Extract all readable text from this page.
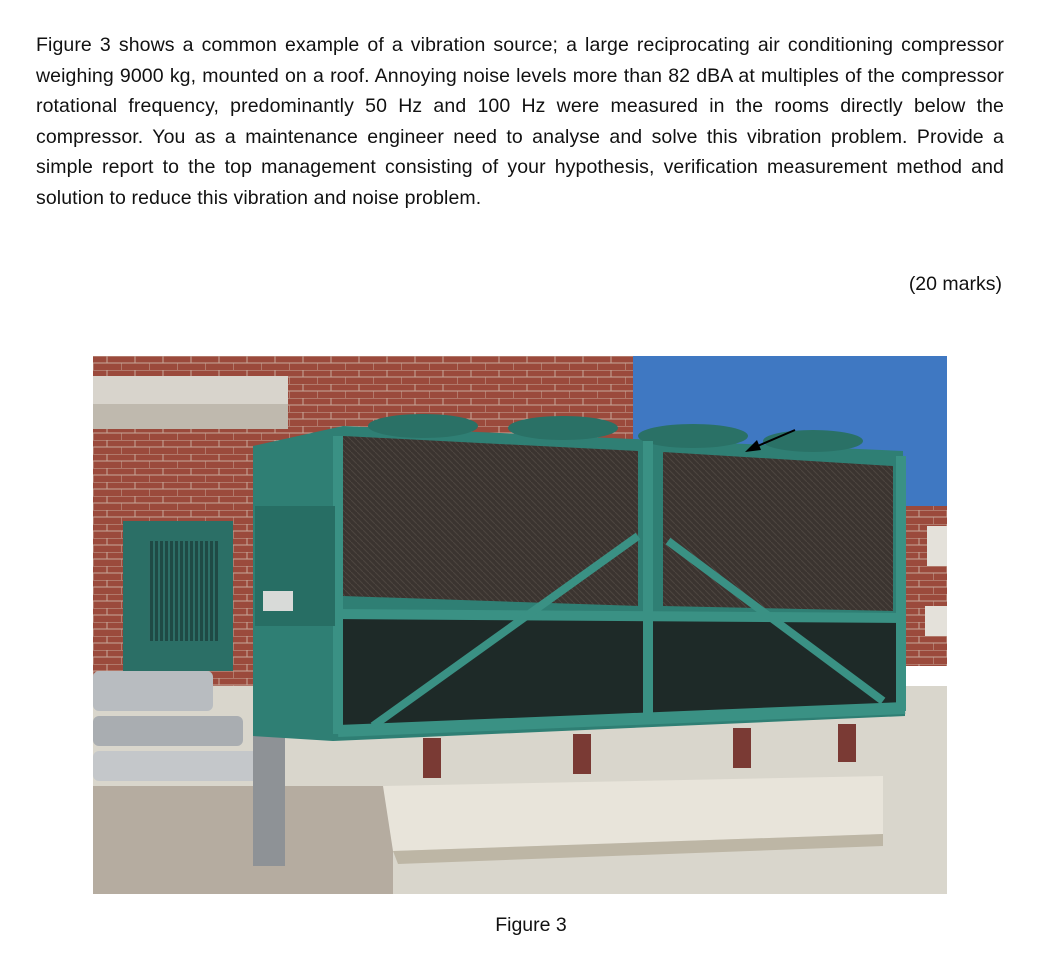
Figure 3 shows a common example of a vibration source; a large reciprocating air conditioning compressor weighing 9000 kg, mounted on a roof. Annoying noise levels more than 82 dBA at multiples of the compressor rotational frequency, predominantly 50 Hz and 100 Hz were measured in the rooms directly below the compressor. You as a maintenance engineer need to analyse and solve this vibration problem. Provide a simple report to the top management consisting of your hypothesis, verification measurement method and solution to reduce this vibration and noise problem.

(20 marks)
Figure 3
